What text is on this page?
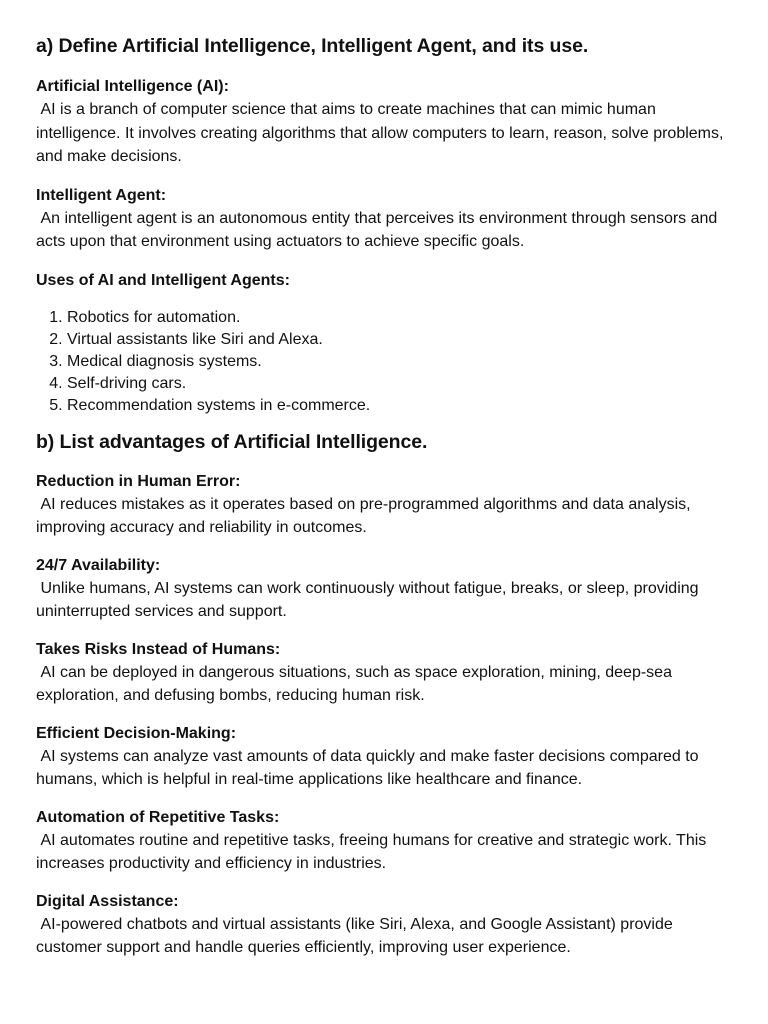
a) Define Artificial Intelligence, Intelligent Agent, and its use.

Artificial Intelligence (AI):

AI is a branch of computer science that aims to create machines that can mimic human intelligence. It involves creating algorithms that allow computers to learn, reason, solve problems, and make decisions.

Intelligent Agent:

An intelligent agent is an autonomous entity that perceives its environment through sensors and acts upon that environment using actuators to achieve specific goals.

Uses of AI and Intelligent Agents:

1. Robotics for automation.
2. Virtual assistants like Siri and Alexa.
3. Medical diagnosis systems.
4. Self-driving cars.
5. Recommendation systems in e-commerce.
b) List advantages of Artificial Intelligence.

Reduction in Human Error:

AI reduces mistakes as it operates based on pre-programmed algorithms and data analysis, improving accuracy and reliability in outcomes.

24/7 Availability:

Unlike humans, AI systems can work continuously without fatigue, breaks, or sleep, providing uninterrupted services and support.

Takes Risks Instead of Humans:

AI can be deployed in dangerous situations, such as space exploration, mining, deep-sea exploration, and defusing bombs, reducing human risk.

Efficient Decision-Making:

AI systems can analyze vast amounts of data quickly and make faster decisions compared to humans, which is helpful in real-time applications like healthcare and finance.

Automation of Repetitive Tasks:

AI automates routine and repetitive tasks, freeing humans for creative and strategic work. This increases productivity and efficiency in industries.

Digital Assistance:

AI-powered chatbots and virtual assistants (like Siri, Alexa, and Google Assistant) provide customer support and handle queries efficiently, improving user experience.
